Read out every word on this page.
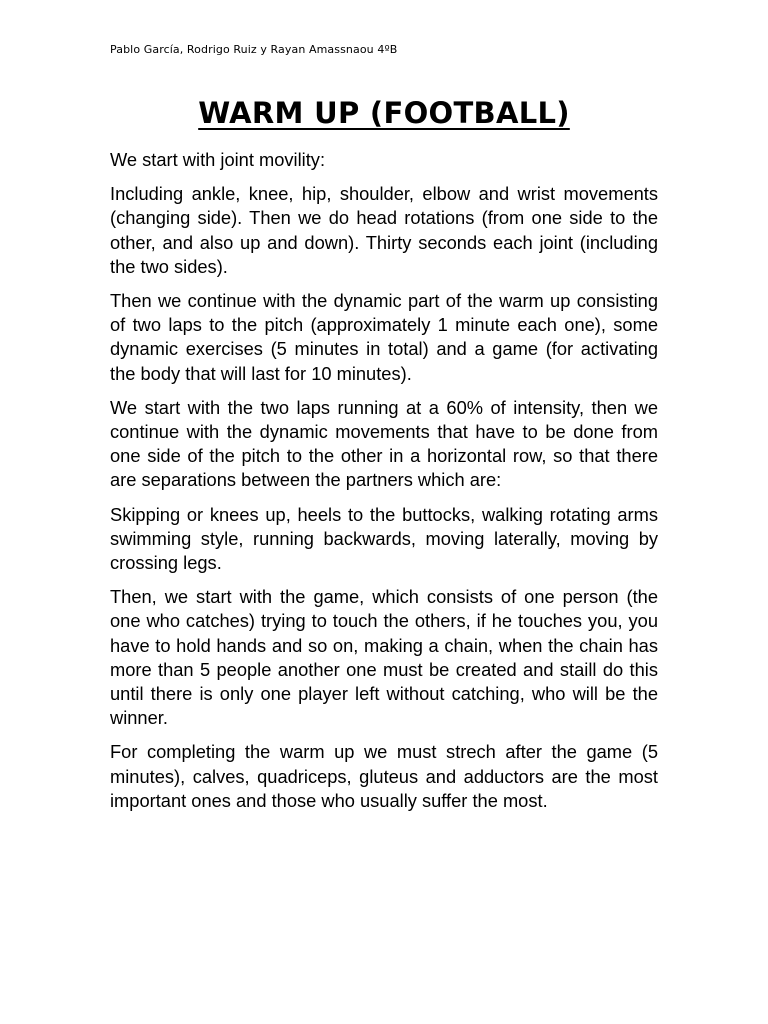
Pablo García, Rodrigo Ruiz y Rayan Amassnaou 4ºB
WARM UP (FOOTBALL)

We start with joint movility:

Including ankle, knee, hip, shoulder, elbow and wrist movements (changing side). Then we do head rotations (from one side to the other, and also up and down). Thirty seconds each joint (including the two sides).

Then we continue with the dynamic part of the warm up consisting of two laps to the pitch (approximately 1 minute each one), some dynamic exercises (5 minutes in total) and a game (for activating the body that will last for 10 minutes).

We start with the two laps running at a 60% of intensity, then we continue with the dynamic movements that have to be done from one side of the pitch to the other in a horizontal row, so that there are separations between the partners which are:

Skipping or knees up, heels to the buttocks, walking rotating arms swimming style, running backwards, moving laterally, moving by crossing legs.

Then, we start with the game, which consists of one person (the one who catches) trying to touch the others, if he touches you, you have to hold hands and so on, making a chain, when the chain has more than 5 people another one must be created and staill do this until there is only one player left without catching, who will be the winner.

For completing the warm up we must strech after the game (5 minutes), calves, quadriceps, gluteus and adductors are the most important ones and those who usually suffer the most.
